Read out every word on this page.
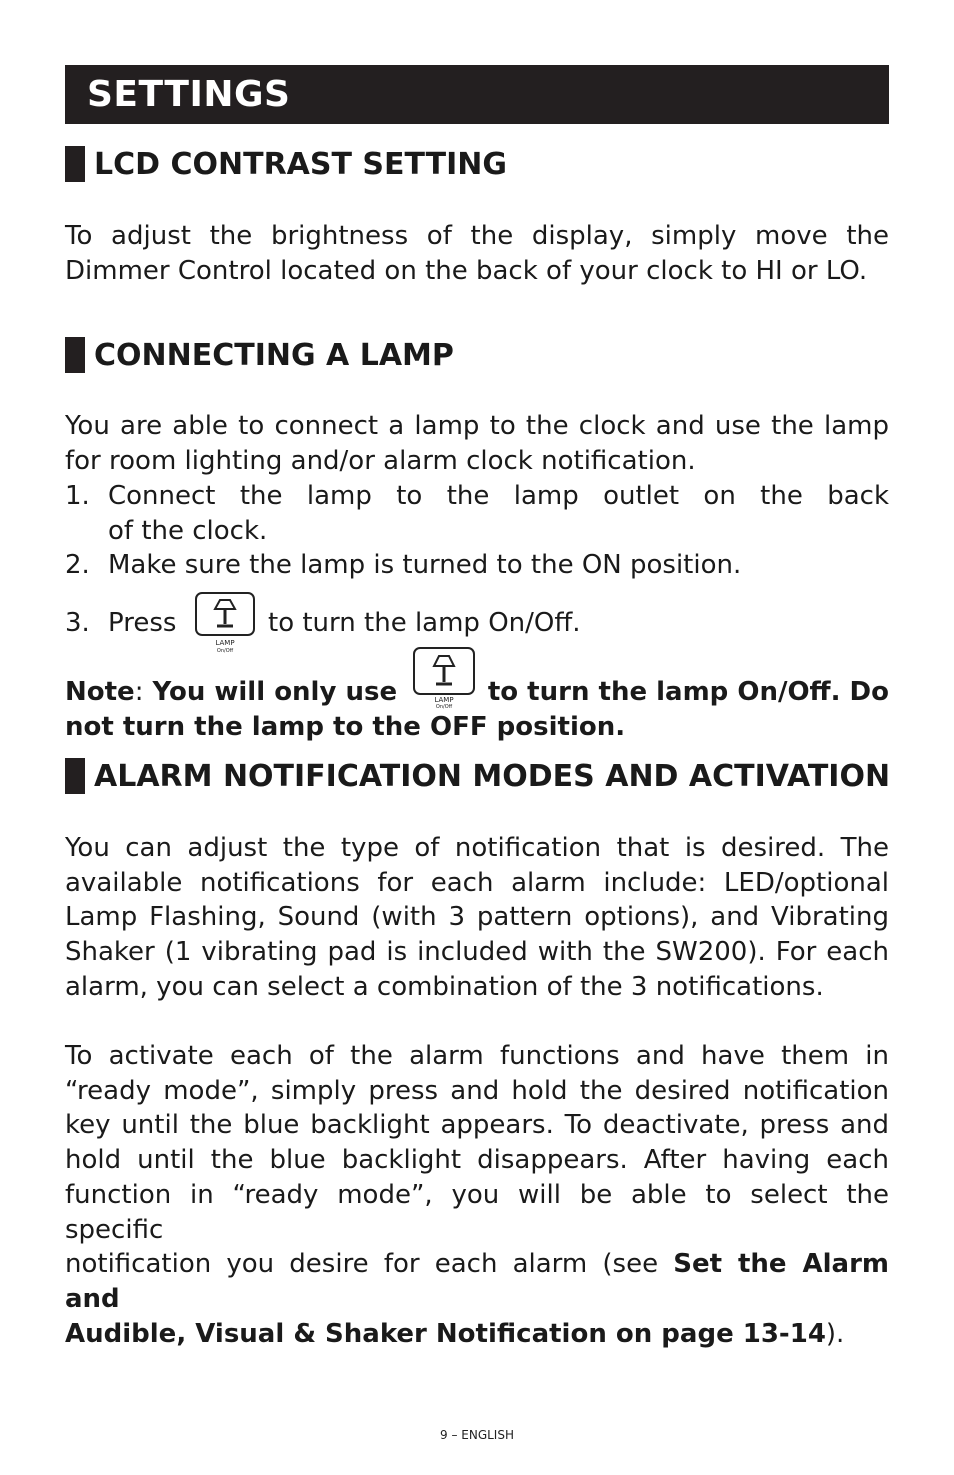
SETTINGS
LCD CONTRAST SETTING
To adjust the brightness of the display, simply move the
Dimmer Control located on the back of your clock to HI or LO.
CONNECTING A LAMP
You are able to connect a lamp to the clock and use the lamp
for room lighting and/or alarm clock notification.
1. Connect the lamp to the lamp outlet on the back
of the clock.
2. Make sure the lamp is turned to the ON position.
3. Press	to turn the lamp On/Off.
LAMP
On/Off
Note: You will only use	to turn the lamp On/Off. Do
not turn the lamp to the OFF position.
LAMP
On/Off
ALARM NOTIFICATION MODES AND ACTIVATION
You can adjust the type of notification that is desired. The
available notifications for each alarm include: LED/optional
Lamp Flashing, Sound (with 3 pattern options), and Vibrating
Shaker (1 vibrating pad is included with the SW200). For each
alarm, you can select a combination of the 3 notifications.
To activate each of the alarm functions and have them in
“ready mode”, simply press and hold the desired notification
key until the blue backlight appears. To deactivate, press and
hold until the blue backlight disappears. After having each
function in “ready mode”, you will be able to select the specific
notification you desire for each alarm (see Set the Alarm and
Audible, Visual & Shaker Notification on page 13-14).
9 – ENGLISH
